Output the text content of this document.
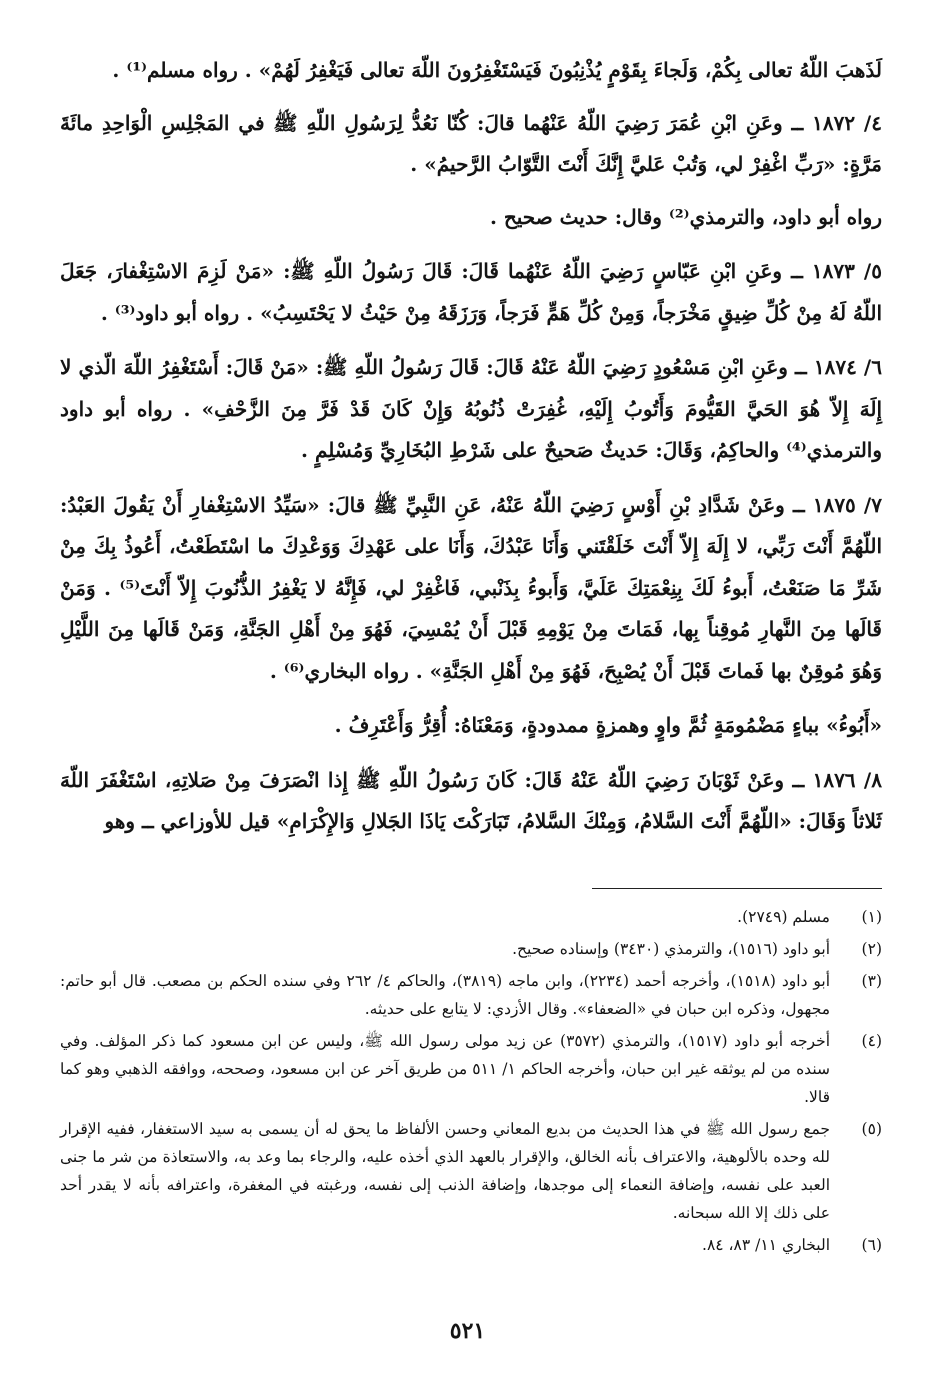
لَذَهبَ اللّهُ تعالى بِكُمْ، وَلَجاءَ بِقَوْمٍ يُذْنِبُونَ فَيَسْتَغْفِرُونَ اللّهَ تعالى فَيَغْفِرُ لَهُمْ» . رواه مسلم⁽¹⁾ .

٤/ ١٨٧٢ ــ وعَنِ ابْنِ عُمَرَ رَضِيَ اللّهُ عَنْهُما قالَ: كُنّا نَعُدُّ لِرَسُولِ اللّهِ ﷺ في المَجْلِسِ الْوَاحِدِ مائَةَ مَرَّةٍ: «رَبِّ اغْفِرْ لي، وَتُبْ عَليَّ إِنَّكَ أَنْتَ التَّوّابُ الرَّحيمُ» .

رواه أبو داود، والترمذي⁽²⁾ وقال: حديث صحيح .

٥/ ١٨٧٣ ــ وعَنِ ابْنِ عَبّاسٍ رَضِيَ اللّهُ عَنْهُما قَالَ: قَالَ رَسُولُ اللّهِ ﷺ: «مَنْ لَزِمَ الاسْتِغْفارَ، جَعَلَ اللّهُ لَهُ مِنْ كُلِّ ضِيقٍ مَخْرَجاً، وَمِنْ كُلِّ هَمٍّ فَرَجاً، وَرَزَقَهُ مِنْ حَيْثُ لا يَحْتَسِبُ» . رواه أبو داود⁽³⁾ .

٦/ ١٨٧٤ ــ وعَنِ ابْنِ مَسْعُودٍ رَضِيَ اللّهُ عَنْهُ قَالَ: قَالَ رَسُولُ اللّهِ ﷺ: «مَنْ قَالَ: أَسْتَغْفِرُ اللّهَ الّذي لا إِلَهَ إِلاّ هُوَ الحَيَّ القَيُّومَ وَأَتُوبُ إِلَيْهِ، غُفِرَتْ ذُنُوبُهُ وَإِنْ كَانَ قَدْ فَرَّ مِنَ الزَّحْفِ» . رواه أبو داود والترمذي⁽⁴⁾ والحاكِمُ، وَقَالَ: حَديثٌ صَحيحٌ على شَرْطِ البُخَارِيِّ وَمُسْلِمٍ .

٧/ ١٨٧٥ ــ وعَنْ شَدَّادِ بْنِ أَوْسٍ رَضِيَ اللّهُ عَنْهُ، عَنِ النَّبِيِّ ﷺ قالَ: «سَيِّدُ الاسْتِغْفارِ أَنْ يَقُولَ العَبْدُ: اللّهُمَّ أَنْتَ رَبِّي، لا إِلَهَ إِلاّ أَنْتَ خَلَقْتَني وَأَنَا عَبْدُكَ، وَأَنَا على عَهْدِكَ وَوَعْدِكَ ما اسْتَطَعْتُ، أَعُوذُ بِكَ مِنْ شَرِّ مَا صَنَعْتُ، أَبوءُ لَكَ بِنِعْمَتِكَ عَلَيَّ، وَأَبوءُ بِذَنْبي، فَاغْفِرْ لي، فَإِنَّهُ لا يَغْفِرُ الذُّنُوبَ إِلاّ أَنْتَ⁽⁵⁾ . وَمَنْ قَالَها مِنَ النَّهارِ مُوقِناً بِها، فَمَاتَ مِنْ يَوْمِهِ قَبْلَ أَنْ يُمْسِيَ، فَهُوَ مِنْ أَهْلِ الجَنَّةِ، وَمَنْ قَالَها مِنَ اللَّيْلِ وَهُوَ مُوقِنٌ بها فَماتَ قَبْلَ أَنْ يُصْبِحَ، فَهُوَ مِنْ أَهْلِ الجَنَّةِ» . رواه البخاري⁽⁶⁾ .

«أَبُوءُ» بباءٍ مَضْمُومَةٍ ثُمَّ واوٍ وهمزةٍ ممدودةٍ، وَمَعْنَاهُ: أُقِرُّ وَأَعْتَرِفُ .

٨/ ١٨٧٦ ــ وعَنْ ثَوْبَانَ رَضِيَ اللّهُ عَنْهُ قَالَ: كَانَ رَسُولُ اللّهِ ﷺ إِذا انْصَرَفَ مِنْ صَلاتِهِ، اسْتَغْفَرَ اللّهَ ثَلاثاً وَقَالَ: «اللّهُمَّ أَنْتَ السَّلامُ، وَمِنْكَ السَّلامُ، تَبَارَكْتَ يَاذَا الجَلالِ وَالإِكْرَامِ» قيل للأوزاعي ــ وهو

(١)
مسلم (٢٧٤٩).
(٢)
أبو داود (١٥١٦)، والترمذي (٣٤٣٠) وإسناده صحيح.
(٣)
أبو داود (١٥١٨)، وأخرجه أحمد (٢٢٣٤)، وابن ماجه (٣٨١٩)، والحاكم ٤/ ٢٦٢ وفي سنده الحكم بن مصعب. قال أبو حاتم: مجهول، وذكره ابن حبان في «الضعفاء». وقال الأزدي: لا يتابع على حديثه.
(٤)
أخرجه أبو داود (١٥١٧)، والترمذي (٣٥٧٢) عن زيد مولى رسول الله ﷺ، وليس عن ابن مسعود كما ذكر المؤلف. وفي سنده من لم يوثقه غير ابن حبان، وأخرجه الحاكم ١/ ٥١١ من طريق آخر عن ابن مسعود، وصححه، ووافقه الذهبي وهو كما قالا.
(٥)
جمع رسول الله ﷺ في هذا الحديث من بديع المعاني وحسن الألفاظ ما يحق له أن يسمى به سيد الاستغفار، ففيه الإقرار لله وحده بالألوهية، والاعتراف بأنه الخالق، والإقرار بالعهد الذي أخذه عليه، والرجاء بما وعد به، والاستعاذة من شر ما جنى العبد على نفسه، وإضافة النعماء إلى موجدها، وإضافة الذنب إلى نفسه، ورغبته في المغفرة، واعترافه بأنه لا يقدر أحد على ذلك إلا الله سبحانه.
(٦)
البخاري ١١/ ٨٣، ٨٤.
٥٢١
